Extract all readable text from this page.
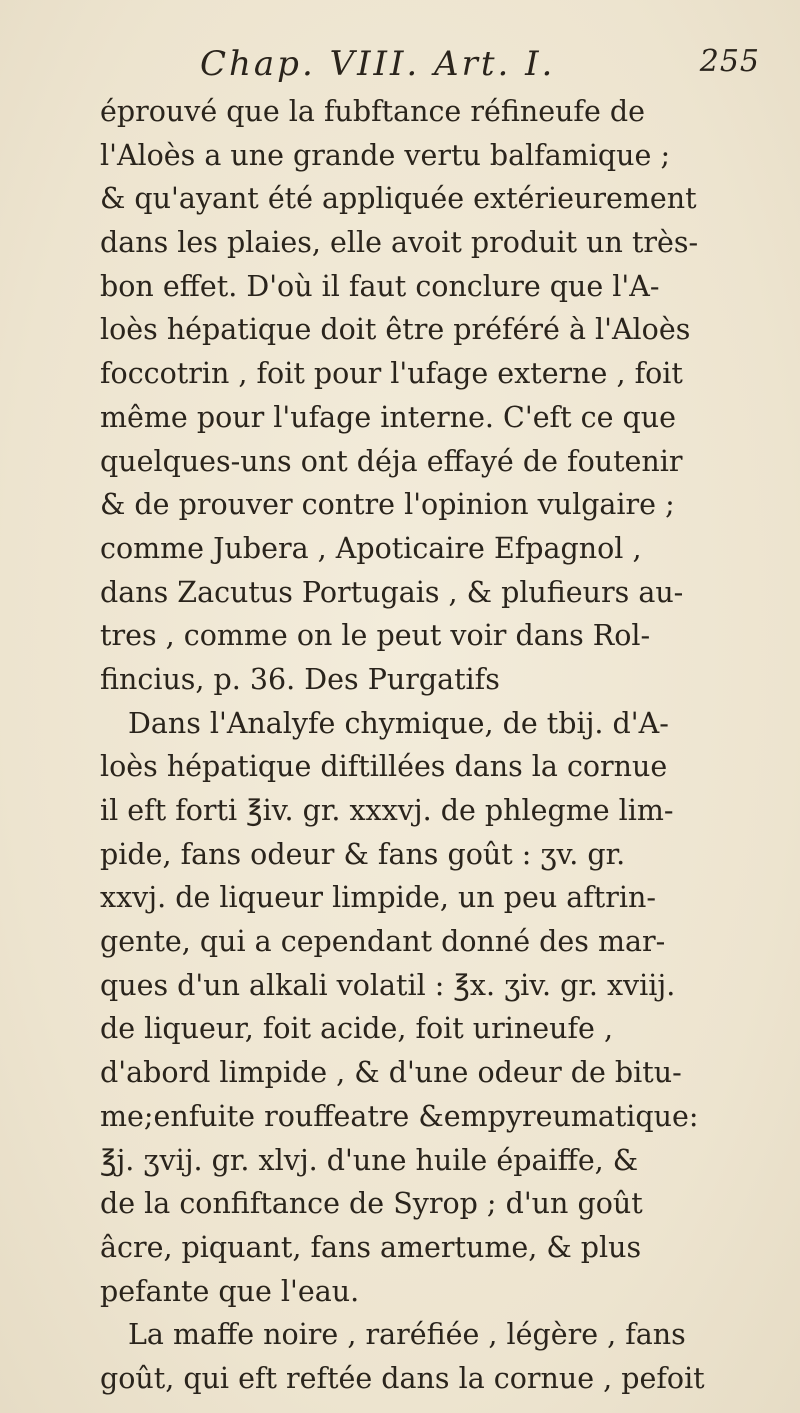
Chap. VIII. Art. I.	255
éprouvé que la fubftance réfineufe de
l'Aloès a une grande vertu balfamique ;
& qu'ayant été appliquée extérieurement
dans les plaies, elle avoit produit un très-
bon effet. D'où il faut conclure que l'A-
loès hépatique doit être préféré à l'Aloès
foccotrin , foit pour l'ufage externe , foit
même pour l'ufage interne. C'eft ce que
quelques-uns ont déja effayé de foutenir
& de prouver contre l'opinion vulgaire ;
comme Jubera , Apoticaire Efpagnol ,
dans Zacutus Portugais , & plufieurs au-
tres , comme on le peut voir dans Rol-
fincius, p. 36. Des Purgatifs
Dans l'Analyfe chymique, de tbij. d'A-
loès hépatique diftillées dans la cornue
il eft forti ℥iv. gr. xxxvj. de phlegme lim-
pide, fans odeur & fans goût : ʒv. gr.
xxvj. de liqueur limpide, un peu aftrin-
gente, qui a cependant donné des mar-
ques d'un alkali volatil : ℥x. ʒiv. gr. xviij.
de liqueur, foit acide, foit urineufe ,
d'abord limpide , & d'une odeur de bitu-
me;enfuite rouffeatre &empyreumatique:
℥j. ʒvij. gr. xlvj. d'une huile épaiffe, &
de la confiftance de Syrop ; d'un goût
âcre, piquant, fans amertume, & plus
pefante que l'eau.
La maffe noire , raréfiée , légère , fans
goût, qui eft reftée dans la cornue , pefoit
